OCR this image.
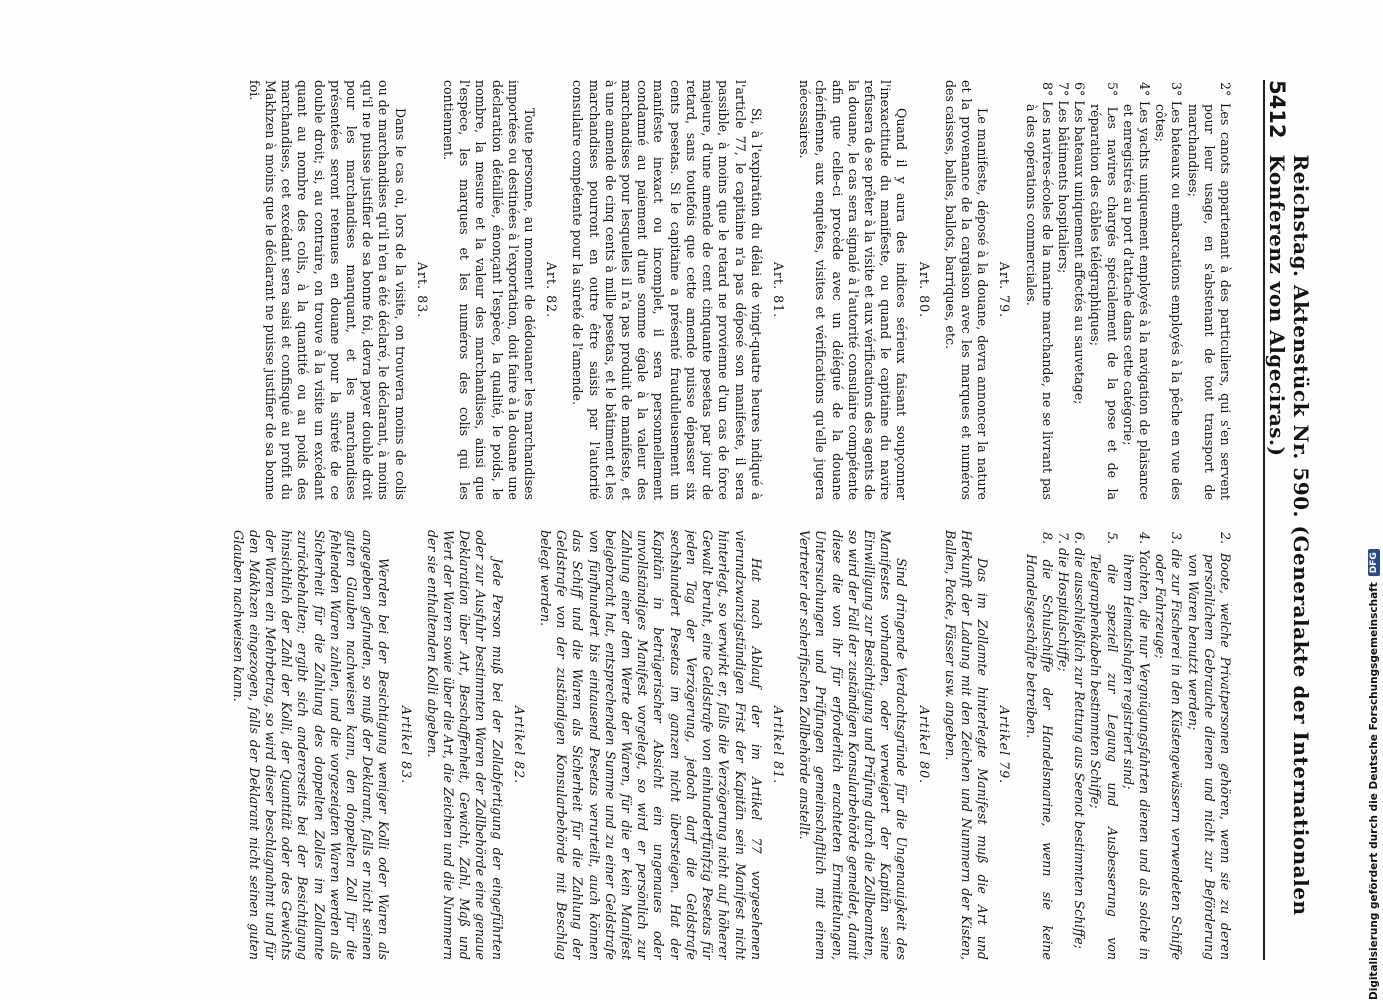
5412
Reichstag. Aktenstück Nr. 590. (Generalakte der Internationalen Konferenz von Algeciras.)
2° Les canots appartenant à des particuliers, qui s'en servent pour leur usage, en s'abstenant de tout transport de marchandises;
3° Les bateaux ou embarcations employés à la pêche en vue des côtes;
4° Les yachts uniquement employés à la navigation de plaisance et enregistrés au port d'attache dans cette catégorie;
5° Les navires chargés spécialement de la pose et de la réparation des câbles télégraphiques;
6° Les bateaux uniquement affectés au sauvetage;
7° Les bâtiments hospitaliers;
8° Les navires-écoles de la marine marchande, ne se livrant pas à des opérations commerciales.
Art. 79.

Le manifeste, déposé à la douane, devra annoncer la nature et la provenance de la cargaison avec les marques et numéros des caisses, balles, ballots, barriques, etc.

Art. 80.

Quand il y aura des indices sérieux faisant soupçonner l'inexactitude du manifeste, ou quand le capitaine du navire refusera de se prêter à la visite et aux vérifications des agents de la douane, le cas sera signalé à l'autorité consulaire compétente afin que celle-ci procède avec un délégué de la douane chérifienne, aux enquêtes, visites et vérifications qu'elle jugera nécessaires.

Art. 81.

Si, à l'expiration du délai de vingt-quatre heures indiqué à l'article 77, le capitaine n'a pas déposé son manifeste, il sera passible, à moins que le retard ne provienne d'un cas de force majeure, d'une amende de cent cinquante pesetas par jour de retard, sans toutefois que cette amende puisse dépasser six cents pesetas. Si le capitaine a présenté frauduleusement un manifeste inexact ou incomplet, il sera personnellement condamné au paiement d'une somme égale à la valeur des marchandises pour lesquelles il n'a pas produit de manifeste, et à une amende de cinq cents à mille pesetas, et le bâtiment et les marchandises pourront en outre être saisis par l'autorité consulaire compétente pour la sûreté de l'amende.

Art. 82.

Toute personne, au moment de dédouaner les marchandises importées ou destinées à l'exportation, doit faire à la douane une déclaration détaillée, énonçant l'espèce, la qualité, le poids, le nombre, la mesure et la valeur des marchandises, ainsi que l'espèce, les marques et les numéros des colis qui les contiennent.

Art. 83.

Dans le cas où, lors de la visite, on trouvera moins de colis ou de marchandises qu'il n'en a été déclaré, le déclarant, à moins qu'il ne puisse justifier de sa bonne foi, devra payer double droit pour les marchandises manquant, et les marchandises présentées seront retenues en douane pour la sûreté de ce double droit; si, au contraire, on trouve à la visite un excédant quant au nombre des colis, à la quantité ou au poids des marchandises, cet excédant sera saisi et confisqué au profit du Makhzen à moins que le déclarant ne puisse justifier de sa bonne foi.

2. Boote, welche Privatpersonen gehören, wenn sie zu deren persönlichem Gebrauche dienen und nicht zur Beförderung von Waren benutzt werden;
3. die zur Fischerei in den Küstengewässern verwendeten Schiffe oder Fahrzeuge;
4. Yachten, die nur Vergnügungsfahrten dienen und als solche in ihrem Heimatshafen registriert sind;
5. die speziell zur Legung und Ausbesserung von Telegraphenkabeln bestimmten Schiffe;
6. die ausschließlich zur Rettung aus Seenot bestimmten Schiffe;
7. die Hospitalschiffe;
8. die Schulschiffe der Handelsmarine, wenn sie keine Handelsgeschäfte betreiben.
Artikel 79.

Das im Zollamte hinterlegte Manifest muß die Art und Herkunft der Ladung mit den Zeichen und Nummern der Kisten, Ballen, Packe, Fässer usw. angeben.

Artikel 80.

Sind dringende Verdachtsgründe für die Ungenauigkeit des Manifestes vorhanden, oder verweigert der Kapitän seine Einwilligung zur Besichtigung und Prüfung durch die Zollbeamten, so wird der Fall der zuständigen Konsularbehörde gemeldet, damit diese die von ihr für erforderlich erachteten Ermittelungen, Untersuchungen und Prüfungen gemeinschaftlich mit einem Vertreter der scherifischen Zollbehörde anstellt.

Artikel 81.

Hat nach Ablauf der im Artikel 77 vorgesehenen vierundzwanzigstündigen Frist der Kapitän sein Manifest nicht hinterlegt, so verwirkt er, falls die Verzögerung nicht auf höherer Gewalt beruht, eine Geldstrafe von einhundertfünfzig Pesetas für jeden Tag der Verzögerung, jedoch darf die Geldstrafe sechshundert Pesetas im ganzen nicht übersteigen. Hat der Kapitän in betrügerischer Absicht ein ungenaues oder unvollständiges Manifest vorgelegt, so wird er persönlich zur Zahlung einer dem Werte der Waren, für die er kein Manifest beigebracht hat, entsprechenden Summe und zu einer Geldstrafe von fünfhundert bis eintausend Pesetas verurteilt, auch können das Schiff und die Waren als Sicherheit für die Zahlung der Geldstrafe von der zuständigen Konsularbehörde mit Beschlag belegt werden.

Artikel 82.

Jede Person muß bei der Zollabfertigung der eingeführten oder zur Ausfuhr bestimmten Waren der Zollbehörde eine genaue Deklaration über Art, Beschaffenheit, Gewicht, Zahl, Maß und Wert der Waren sowie über die Art, die Zeichen und die Nummern der sie enthaltenden Kolli abgeben.

Artikel 83.

Werden bei der Besichtigung weniger Kolli oder Waren als angegeben gefunden, so muß der Deklarant, falls er nicht seinen guten Glauben nachweisen kann, den doppelten Zoll für die fehlenden Waren zahlen, und die vorgezeigten Waren werden als Sicherheit für die Zahlung des doppelten Zolles im Zollamte zurückbehalten; ergibt sich andererseits bei der Besichtigung hinsichtlich der Zahl der Kolli, der Quantität oder des Gewichts der Waren ein Mehrbetrag, so wird dieser beschlagnahmt und für den Makhzen eingezogen, falls der Deklarant nicht seinen guten Glauben nachweisen kann.	Digitalisierung gefördert durch die Deutsche Forschungsgemeinschaft
DFG
